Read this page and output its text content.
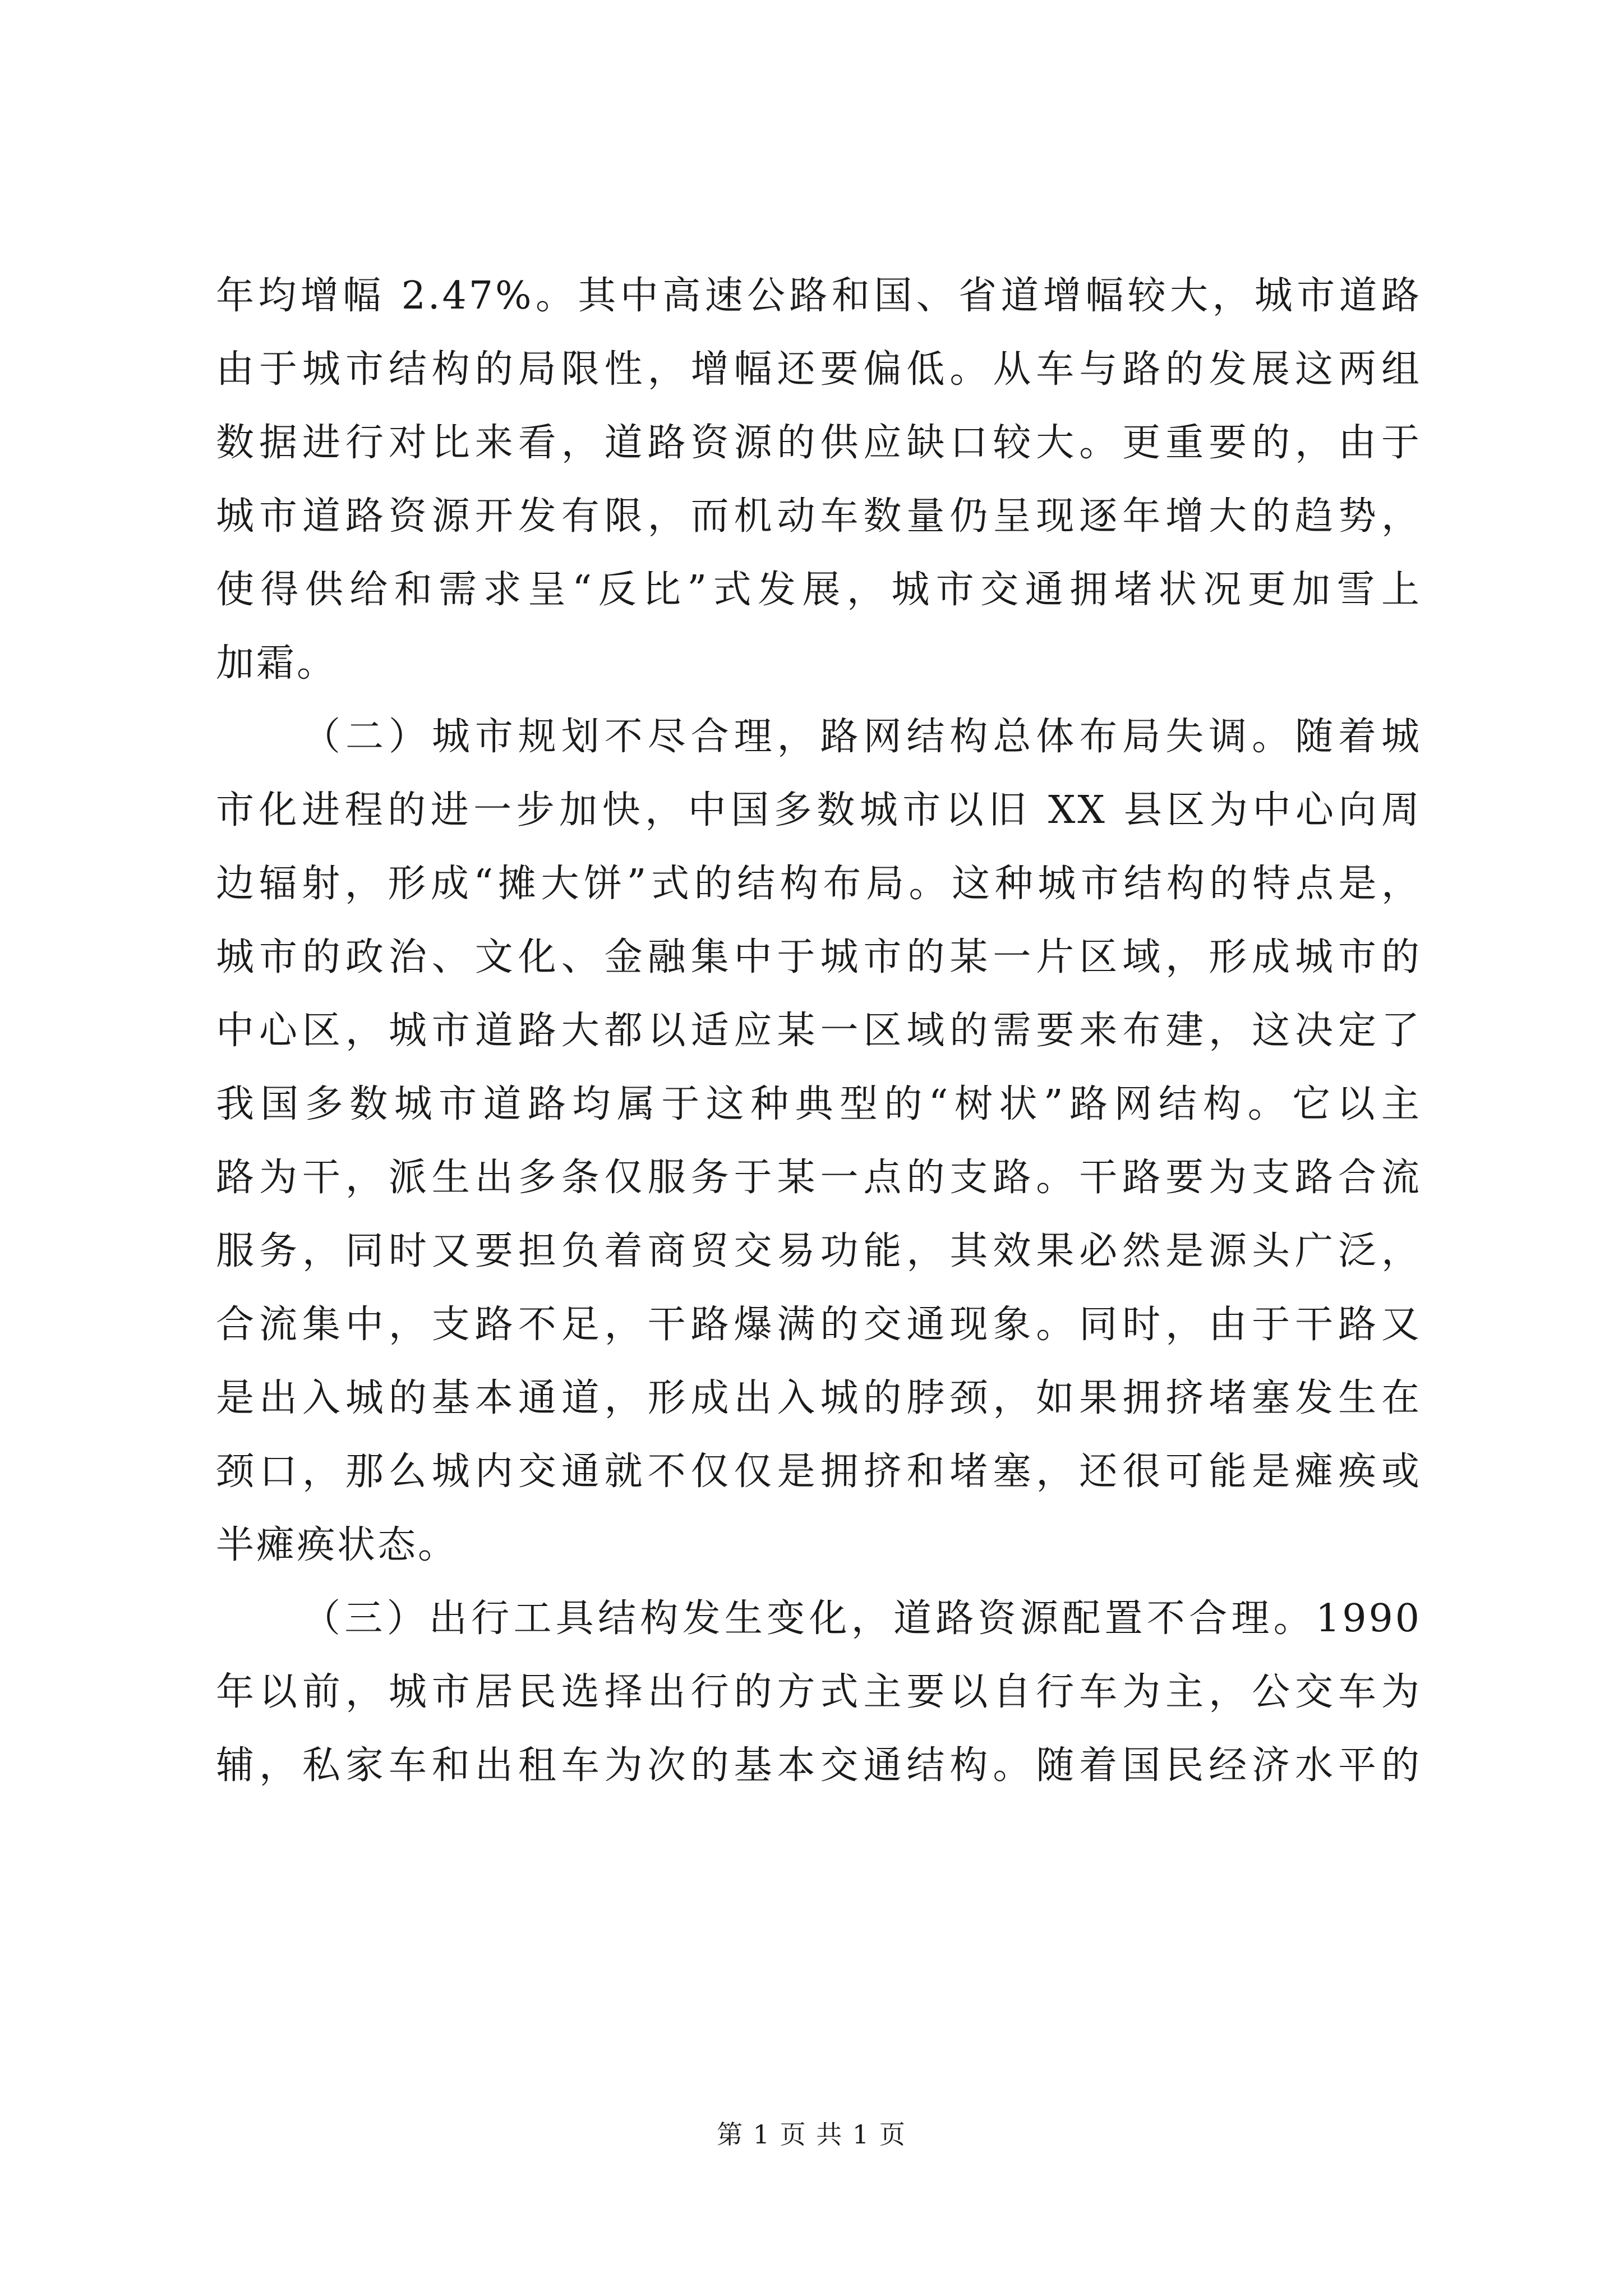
年均增幅 2.47%。其中高速公路和国、省道增幅较大，城市道路
由于城市结构的局限性，增幅还要偏低。从车与路的发展这两组
数据进行对比来看，道路资源的供应缺口较大。更重要的，由于
城市道路资源开发有限，而机动车数量仍呈现逐年增大的趋势，
使得供给和需求呈“反比”式发展，城市交通拥堵状况更加雪上
加霜。
（二）城市规划不尽合理，路网结构总体布局失调。随着城
市化进程的进一步加快，中国多数城市以旧 XX 县区为中心向周
边辐射，形成“摊大饼”式的结构布局。这种城市结构的特点是，
城市的政治、文化、金融集中于城市的某一片区域，形成城市的
中心区，城市道路大都以适应某一区域的需要来布建，这决定了
我国多数城市道路均属于这种典型的“树状”路网结构。它以主
路为干，派生出多条仅服务于某一点的支路。干路要为支路合流
服务，同时又要担负着商贸交易功能，其效果必然是源头广泛，
合流集中，支路不足，干路爆满的交通现象。同时，由于干路又
是出入城的基本通道，形成出入城的脖颈，如果拥挤堵塞发生在
颈口，那么城内交通就不仅仅是拥挤和堵塞，还很可能是瘫痪或
半瘫痪状态。
（三）出行工具结构发生变化，道路资源配置不合理。1990
年以前，城市居民选择出行的方式主要以自行车为主，公交车为
辅，私家车和出租车为次的基本交通结构。随着国民经济水平的
第 1 页 共 1 页
